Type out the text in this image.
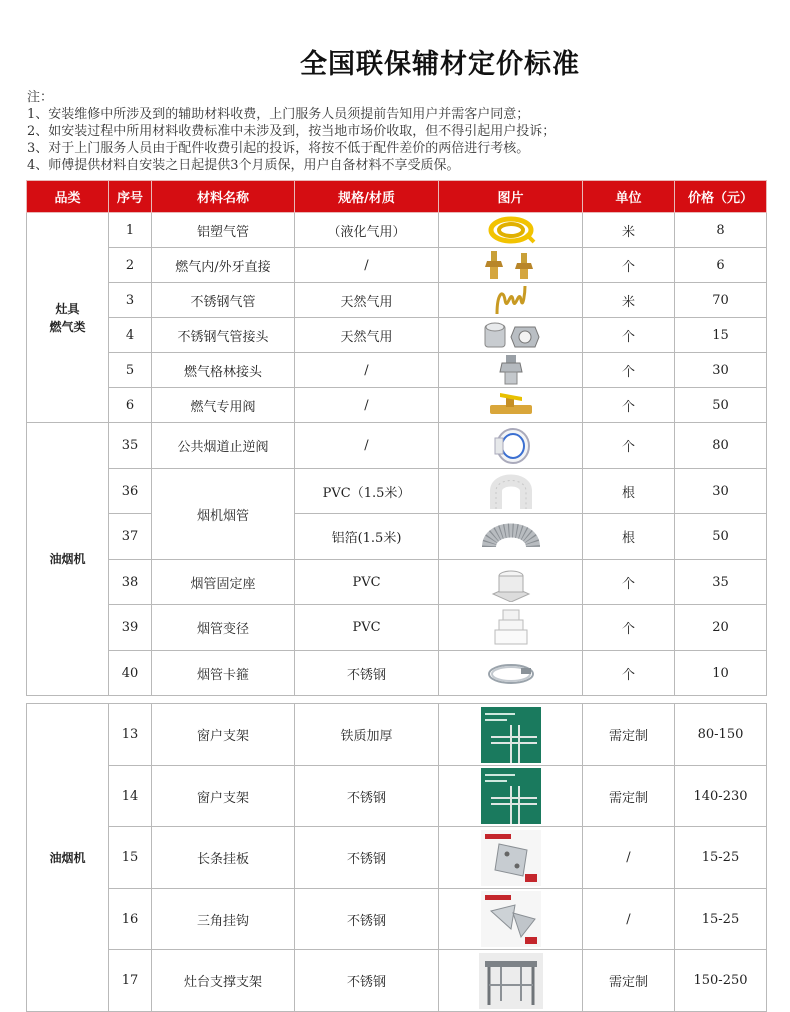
全国联保辅材定价标准
注：
1、安装维修中所涉及到的辅助材料收费，上门服务人员须提前告知用户并需客户同意；
2、如安装过程中所用材料收费标准中未涉及到，按当地市场价收取，但不得引起用户投诉；
3、对于上门服务人员由于配件收费引起的投诉，将按不低于配件差价的两倍进行考核。
4、师傅提供材料自安装之日起提供3个月质保，用户自备材料不享受质保。
品类	序号	材料名称	规格/材质	图片	单位	价格（元）
灶具
燃气类	1	铝塑气管	（液化气用）		米	8
	2	燃气内/外牙直接	/		个	6
	3	不锈钢气管	天然气用		米	70
	4	不锈钢气管接头	天然气用		个	15
	5	燃气格林接头	/		个	30
	6	燃气专用阀	/		个	50
油烟机	35	公共烟道止逆阀	/		个	80
	36	烟机烟管	PVC（1.5米）		根	30
	37		铝箔(1.5米)		根	50
	38	烟管固定座	PVC		个	35
	39	烟管变径	PVC		个	20
	40	烟管卡箍	不锈钢		个	10
油烟机	13	窗户支架	铁质加厚		需定制	80-150
	14	窗户支架	不锈钢		需定制	140-230
	15	长条挂板	不锈钢		/	15-25
	16	三角挂钩	不锈钢		/	15-25
	17	灶台支撑支架	不锈钢		需定制	150-250
